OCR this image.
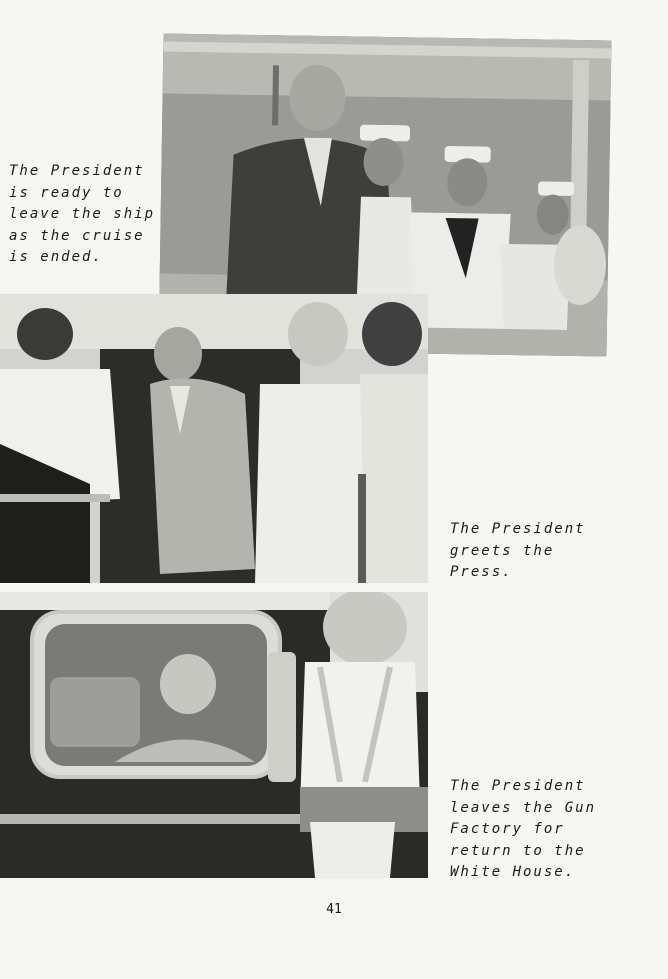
The President
is ready to
leave the ship
as the cruise
is ended.
The President
greets the
Press.
The President
leaves the Gun
Factory for
return to the
White House.
41
